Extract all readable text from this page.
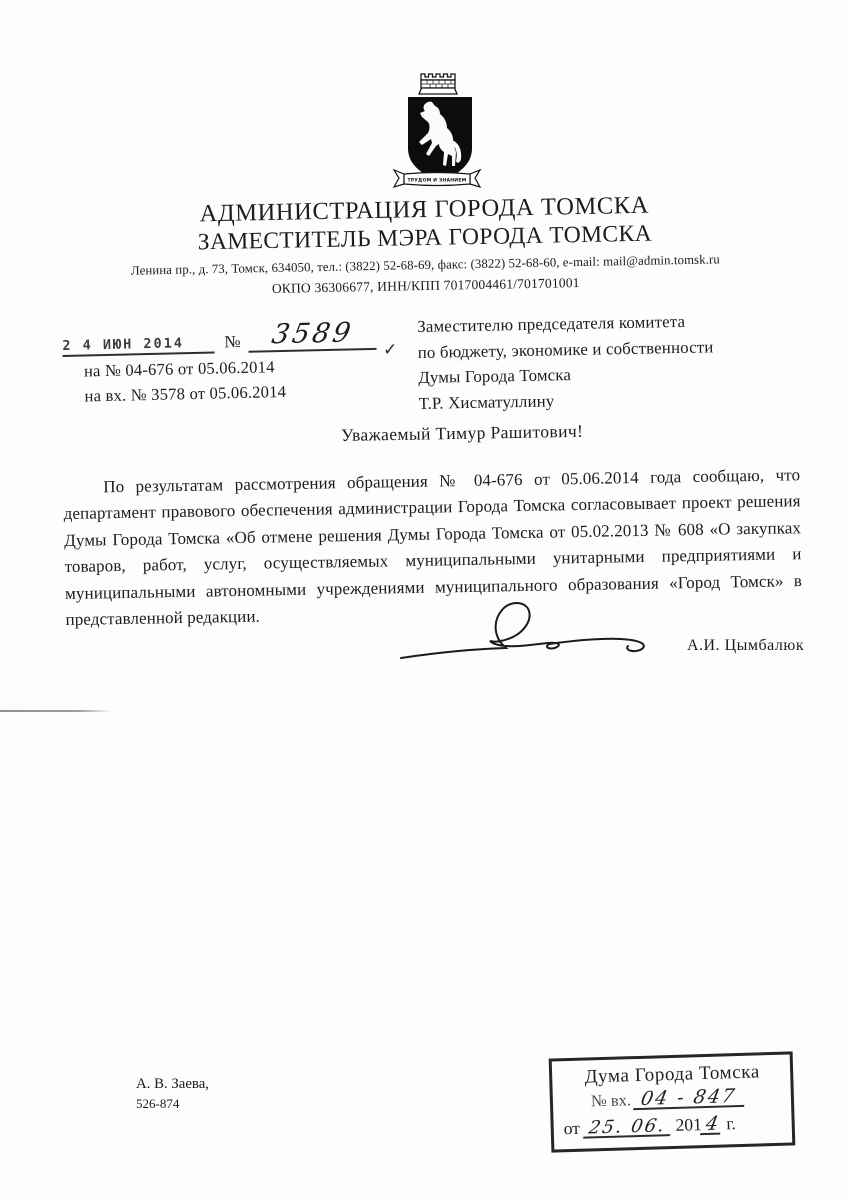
ТРУДОМ И ЗНАНИЕМ
АДМИНИСТРАЦИЯ ГОРОДА ТОМСКА
ЗАМЕСТИТЕЛЬ МЭРА ГОРОДА ТОМСКА
Ленина пр., д. 73, Томск, 634050, тел.: (3822) 52-68-69, факс: (3822) 52-68-60, e-mail: mail@admin.tomsk.ru
ОКПО 36306677, ИНН/КПП 7017004461/701701001
2 4 ИЮН 2014	№	3589
на № 04-676 от 05.06.2014
на вх. № 3578 от 05.06.2014
✓
Заместителю председателя комитета
по бюджету, экономике и собственности
Думы Города Томска
Т.Р. Хисматуллину
Уважаемый Тимур Рашитович!

По результатам рассмотрения обращения № 04-676 от 05.06.2014 года сообщаю, что департамент правового обеспечения администрации Города Томска согласовывает проект решения Думы Города Томска «Об отмене решения Думы Города Томска от 05.02.2013 № 608 «О закупках товаров, работ, услуг, осуществляемых муниципальными унитарными предприятиями и муниципальными автономными учреждениями муниципального образования «Город Томск» в представленной редакции.

А.И. Цымбалюк
А. В. Заева,
526-874
Дума Города Томска
№ вх. 04 - 847
от 25. 06. 201 4 г.
